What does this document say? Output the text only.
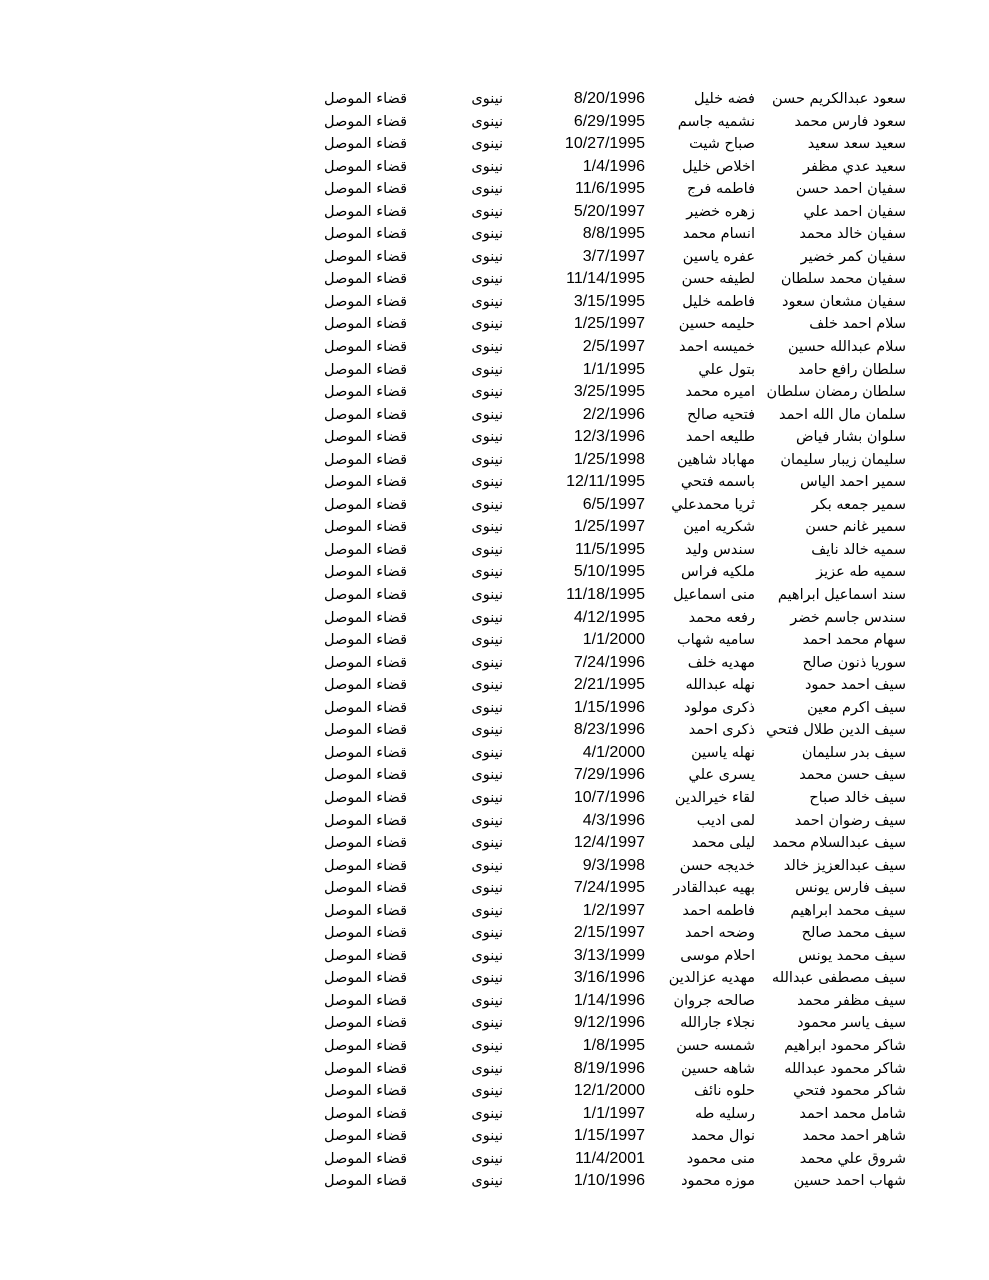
سعود عبدالكريم حسن
فضه خليل
8/20/1996
نينوى
قضاء الموصل
سعود فارس محمد
نشميه جاسم
6/29/1995
نينوى
قضاء الموصل
سعيد سعد سعيد
صباح شيت
10/27/1995
نينوى
قضاء الموصل
سعيد عدي مظفر
اخلاص خليل
1/4/1996
نينوى
قضاء الموصل
سفيان احمد حسن
فاطمه فرج
11/6/1995
نينوى
قضاء الموصل
سفيان احمد علي
زهره خضير
5/20/1997
نينوى
قضاء الموصل
سفيان خالد محمد
انسام محمد
8/8/1995
نينوى
قضاء الموصل
سفيان كمر خضير
عفره ياسين
3/7/1997
نينوى
قضاء الموصل
سفيان محمد سلطان
لطيفه حسن
11/14/1995
نينوى
قضاء الموصل
سفيان مشعان سعود
فاطمه خليل
3/15/1995
نينوى
قضاء الموصل
سلام احمد خلف
حليمه حسين
1/25/1997
نينوى
قضاء الموصل
سلام عبدالله حسين
خميسه احمد
2/5/1997
نينوى
قضاء الموصل
سلطان رافع حامد
بتول علي
1/1/1995
نينوى
قضاء الموصل
سلطان رمضان سلطان
اميره محمد
3/25/1995
نينوى
قضاء الموصل
سلمان مال الله احمد
فتحيه صالح
2/2/1996
نينوى
قضاء الموصل
سلوان بشار فياض
طليعه احمد
12/3/1996
نينوى
قضاء الموصل
سليمان زيبار سليمان
مهاباد شاهين
1/25/1998
نينوى
قضاء الموصل
سمير احمد الياس
باسمه فتحي
12/11/1995
نينوى
قضاء الموصل
سمير جمعه بكر
ثريا محمدعلي
6/5/1997
نينوى
قضاء الموصل
سمير غانم حسن
شكريه امين
1/25/1997
نينوى
قضاء الموصل
سميه خالد نايف
سندس وليد
11/5/1995
نينوى
قضاء الموصل
سميه طه عزيز
ملكيه فراس
5/10/1995
نينوى
قضاء الموصل
سند اسماعيل ابراهيم
منى اسماعيل
11/18/1995
نينوى
قضاء الموصل
سندس جاسم خضر
رفعه محمد
4/12/1995
نينوى
قضاء الموصل
سهام محمد احمد
ساميه شهاب
1/1/2000
نينوى
قضاء الموصل
سوريا ذنون صالح
مهديه خلف
7/24/1996
نينوى
قضاء الموصل
سيف احمد حمود
نهله عبدالله
2/21/1995
نينوى
قضاء الموصل
سيف اكرم معين
ذكرى مولود
1/15/1996
نينوى
قضاء الموصل
سيف الدين طلال فتحي
ذكرى احمد
8/23/1996
نينوى
قضاء الموصل
سيف بدر سليمان
نهله ياسين
4/1/2000
نينوى
قضاء الموصل
سيف حسن محمد
يسرى علي
7/29/1996
نينوى
قضاء الموصل
سيف خالد صباح
لقاء خيرالدين
10/7/1996
نينوى
قضاء الموصل
سيف رضوان احمد
لمى اديب
4/3/1996
نينوى
قضاء الموصل
سيف عبدالسلام محمد
ليلى محمد
12/4/1997
نينوى
قضاء الموصل
سيف عبدالعزيز خالد
خديجه حسن
9/3/1998
نينوى
قضاء الموصل
سيف فارس يونس
بهيه عبدالقادر
7/24/1995
نينوى
قضاء الموصل
سيف محمد ابراهيم
فاطمه احمد
1/2/1997
نينوى
قضاء الموصل
سيف محمد صالح
وضحه احمد
2/15/1997
نينوى
قضاء الموصل
سيف محمد يونس
احلام موسى
3/13/1999
نينوى
قضاء الموصل
سيف مصطفى عبدالله
مهديه عزالدين
3/16/1996
نينوى
قضاء الموصل
سيف مظفر محمد
صالحه جروان
1/14/1996
نينوى
قضاء الموصل
سيف ياسر محمود
نجلاء جارالله
9/12/1996
نينوى
قضاء الموصل
شاكر محمود ابراهيم
شمسه حسن
1/8/1995
نينوى
قضاء الموصل
شاكر محمود عبدالله
شاهه حسين
8/19/1996
نينوى
قضاء الموصل
شاكر محمود فتحي
حلوه نائف
12/1/2000
نينوى
قضاء الموصل
شامل محمد احمد
رسليه طه
1/1/1997
نينوى
قضاء الموصل
شاهر احمد محمد
نوال محمد
1/15/1997
نينوى
قضاء الموصل
شروق علي محمد
منى محمود
11/4/2001
نينوى
قضاء الموصل
شهاب احمد حسين
موزه محمود
1/10/1996
نينوى
قضاء الموصل
